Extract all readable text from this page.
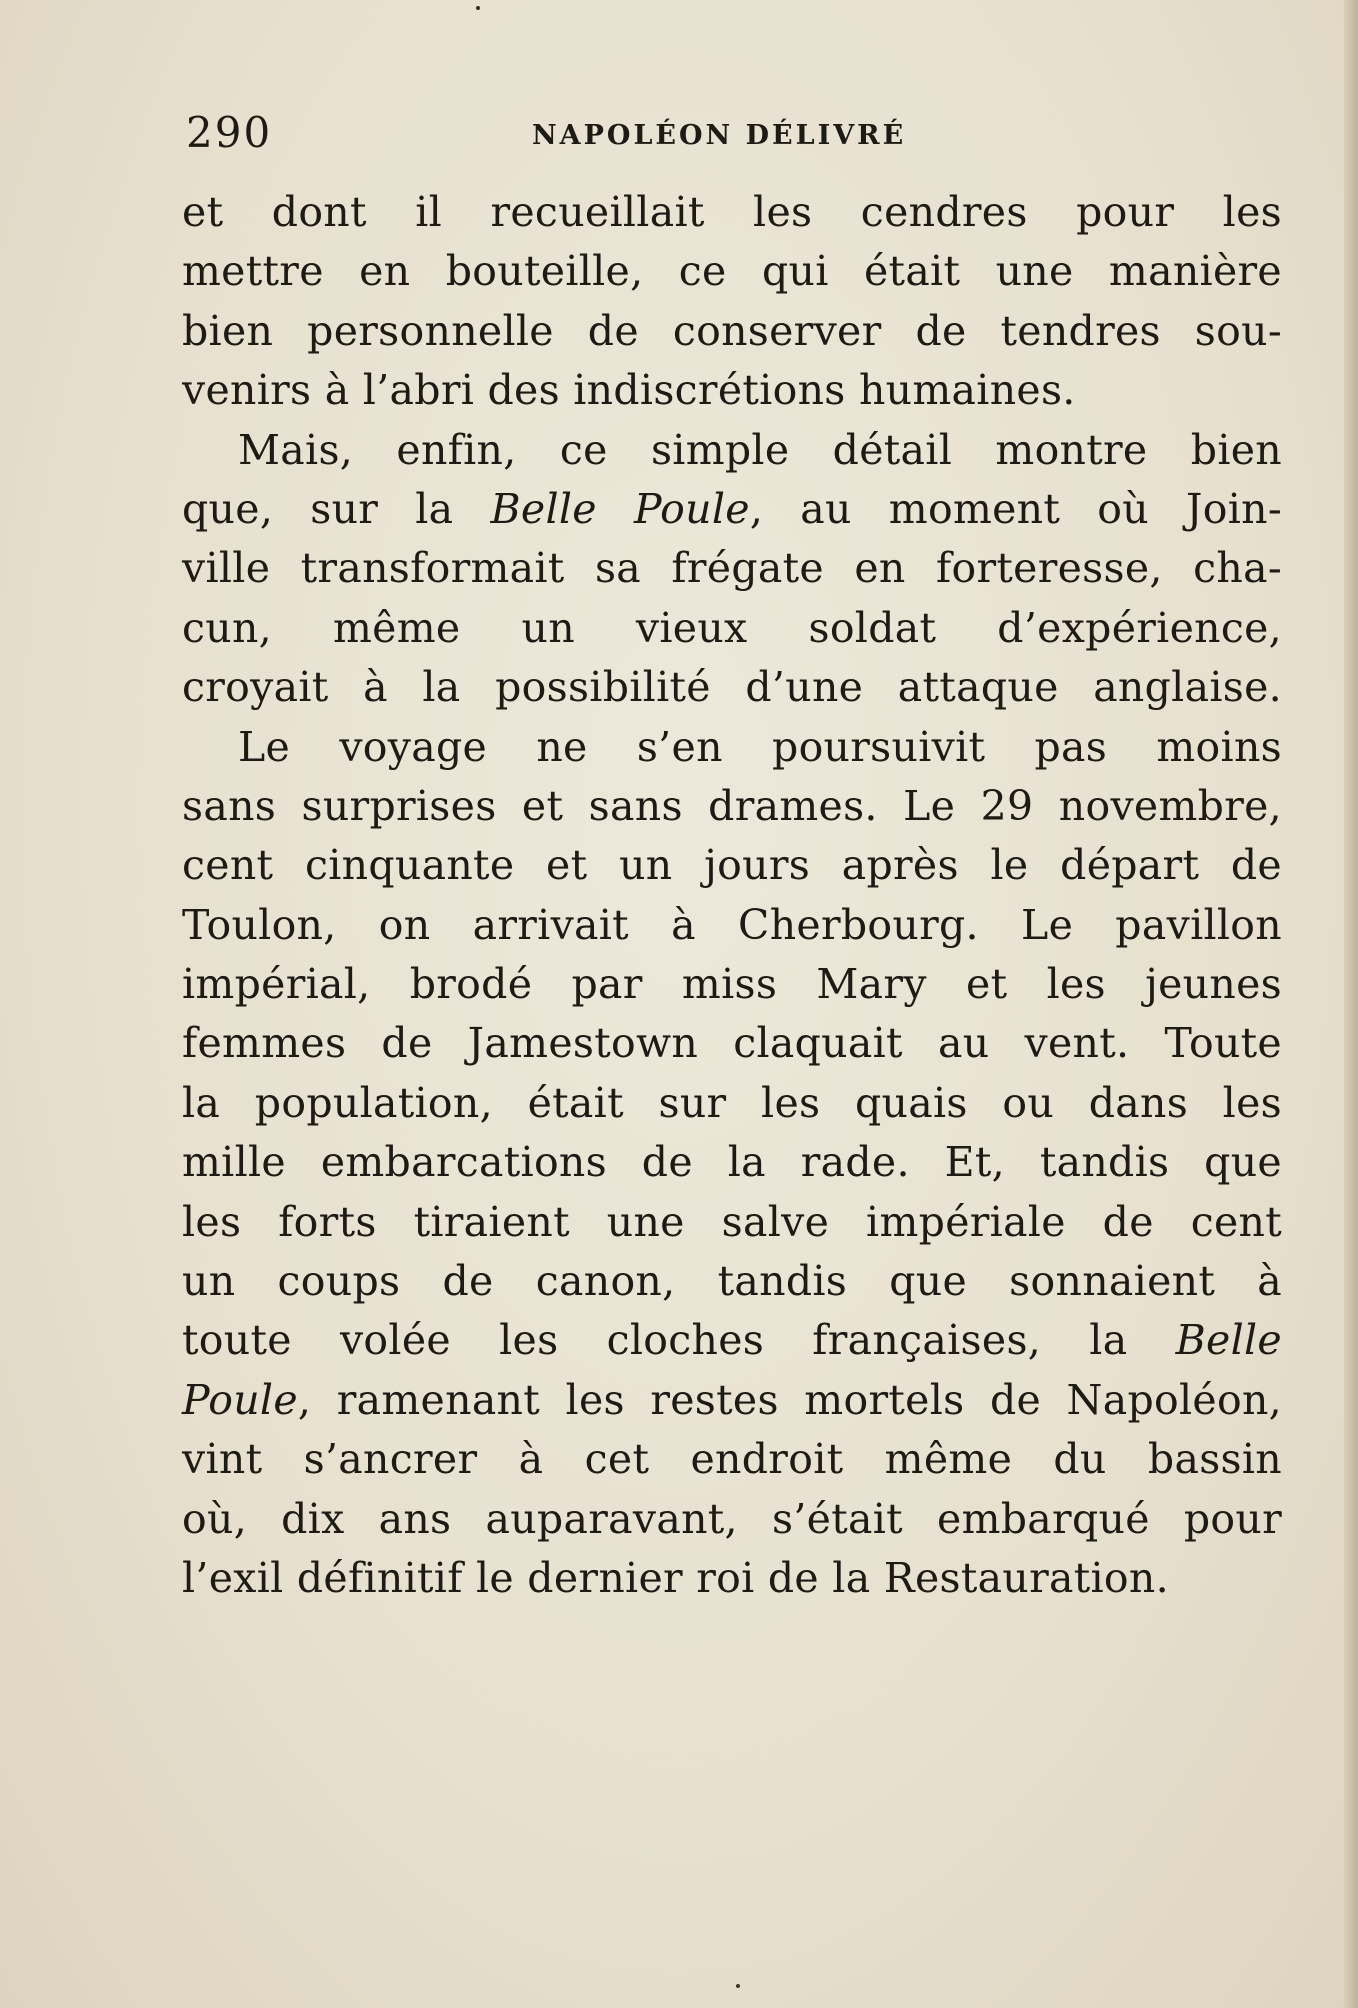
290	NAPOLÉON DÉLIVRÉ
et dont il recueillait les cendres pour les
mettre en bouteille, ce qui était une manière
bien personnelle de conserver de tendres sou-
venirs à l’abri des indiscrétions humaines.
Mais, enfin, ce simple détail montre bien
que, sur la Belle Poule, au moment où Join-
ville transformait sa frégate en forteresse, cha-
cun, même un vieux soldat d’expérience,
croyait à la possibilité d’une attaque anglaise.
Le voyage ne s’en poursuivit pas moins
sans surprises et sans drames. Le 29 novembre,
cent cinquante et un jours après le départ de
Toulon, on arrivait à Cherbourg. Le pavillon
impérial, brodé par miss Mary et les jeunes
femmes de Jamestown claquait au vent. Toute
la population, était sur les quais ou dans les
mille embarcations de la rade. Et, tandis que
les forts tiraient une salve impériale de cent
un coups de canon, tandis que sonnaient à
toute volée les cloches françaises, la Belle
Poule, ramenant les restes mortels de Napoléon,
vint s’ancrer à cet endroit même du bassin
où, dix ans auparavant, s’était embarqué pour
l’exil définitif le dernier roi de la Restauration.
